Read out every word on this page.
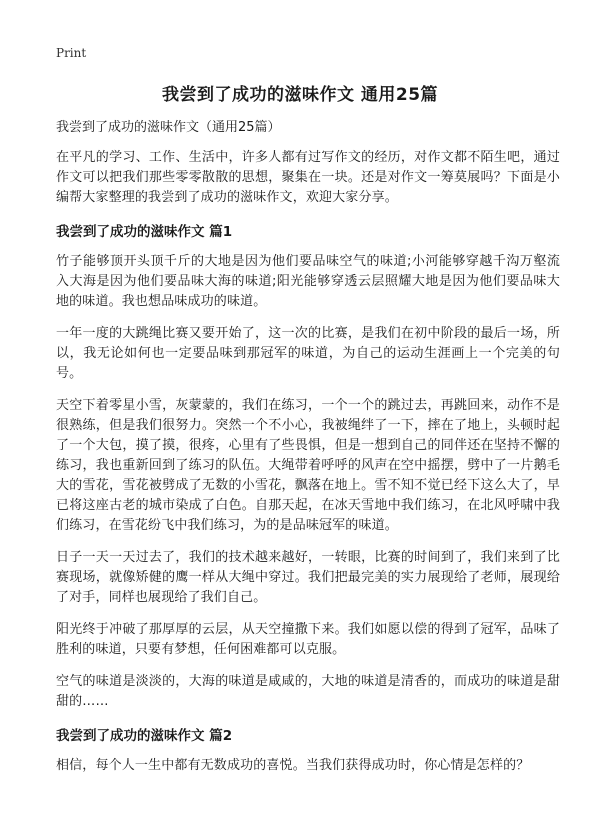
Print
我尝到了成功的滋味作文 通用25篇
我尝到了成功的滋味作文（通用25篇）

在平凡的学习、工作、生活中，许多人都有过写作文的经历，对作文都不陌生吧，通过作文可以把我们那些零零散散的思想，聚集在一块。还是对作文一筹莫展吗？下面是小编帮大家整理的我尝到了成功的滋味作文，欢迎大家分享。

我尝到了成功的滋味作文 篇1

竹子能够顶开头顶千斤的大地是因为他们要品味空气的味道;小河能够穿越千沟万壑流入大海是因为他们要品味大海的味道;阳光能够穿透云层照耀大地是因为他们要品味大地的味道。我也想品味成功的味道。

一年一度的大跳绳比赛又要开始了，这一次的比赛，是我们在初中阶段的最后一场，所以，我无论如何也一定要品味到那冠军的味道，为自己的运动生涯画上一个完美的句号。

天空下着零星小雪，灰蒙蒙的，我们在练习，一个一个的跳过去，再跳回来，动作不是很熟练，但是我们很努力。突然一个不小心，我被绳绊了一下，摔在了地上，头顿时起了一个大包，摸了摸，很疼，心里有了些畏惧，但是一想到自己的同伴还在坚持不懈的练习，我也重新回到了练习的队伍。大绳带着呼呼的风声在空中摇摆，劈中了一片鹅毛大的雪花，雪花被劈成了无数的小雪花，飘落在地上。雪不知不觉已经下这么大了，早已将这座古老的城市染成了白色。自那天起，在冰天雪地中我们练习，在北风呼啸中我们练习，在雪花纷飞中我们练习，为的是品味冠军的味道。

日子一天一天过去了，我们的技术越来越好，一转眼，比赛的时间到了，我们来到了比赛现场，就像矫健的鹰一样从大绳中穿过。我们把最完美的实力展现给了老师，展现给了对手，同样也展现给了我们自己。

阳光终于冲破了那厚厚的云层，从天空撞撒下来。我们如愿以偿的得到了冠军，品味了胜利的味道，只要有梦想，任何困难都可以克服。

空气的味道是淡淡的，大海的味道是咸咸的，大地的味道是清香的，而成功的味道是甜甜的……

我尝到了成功的滋味作文 篇2

相信，每个人一生中都有无数成功的喜悦。当我们获得成功时，你心情是怎样的？
